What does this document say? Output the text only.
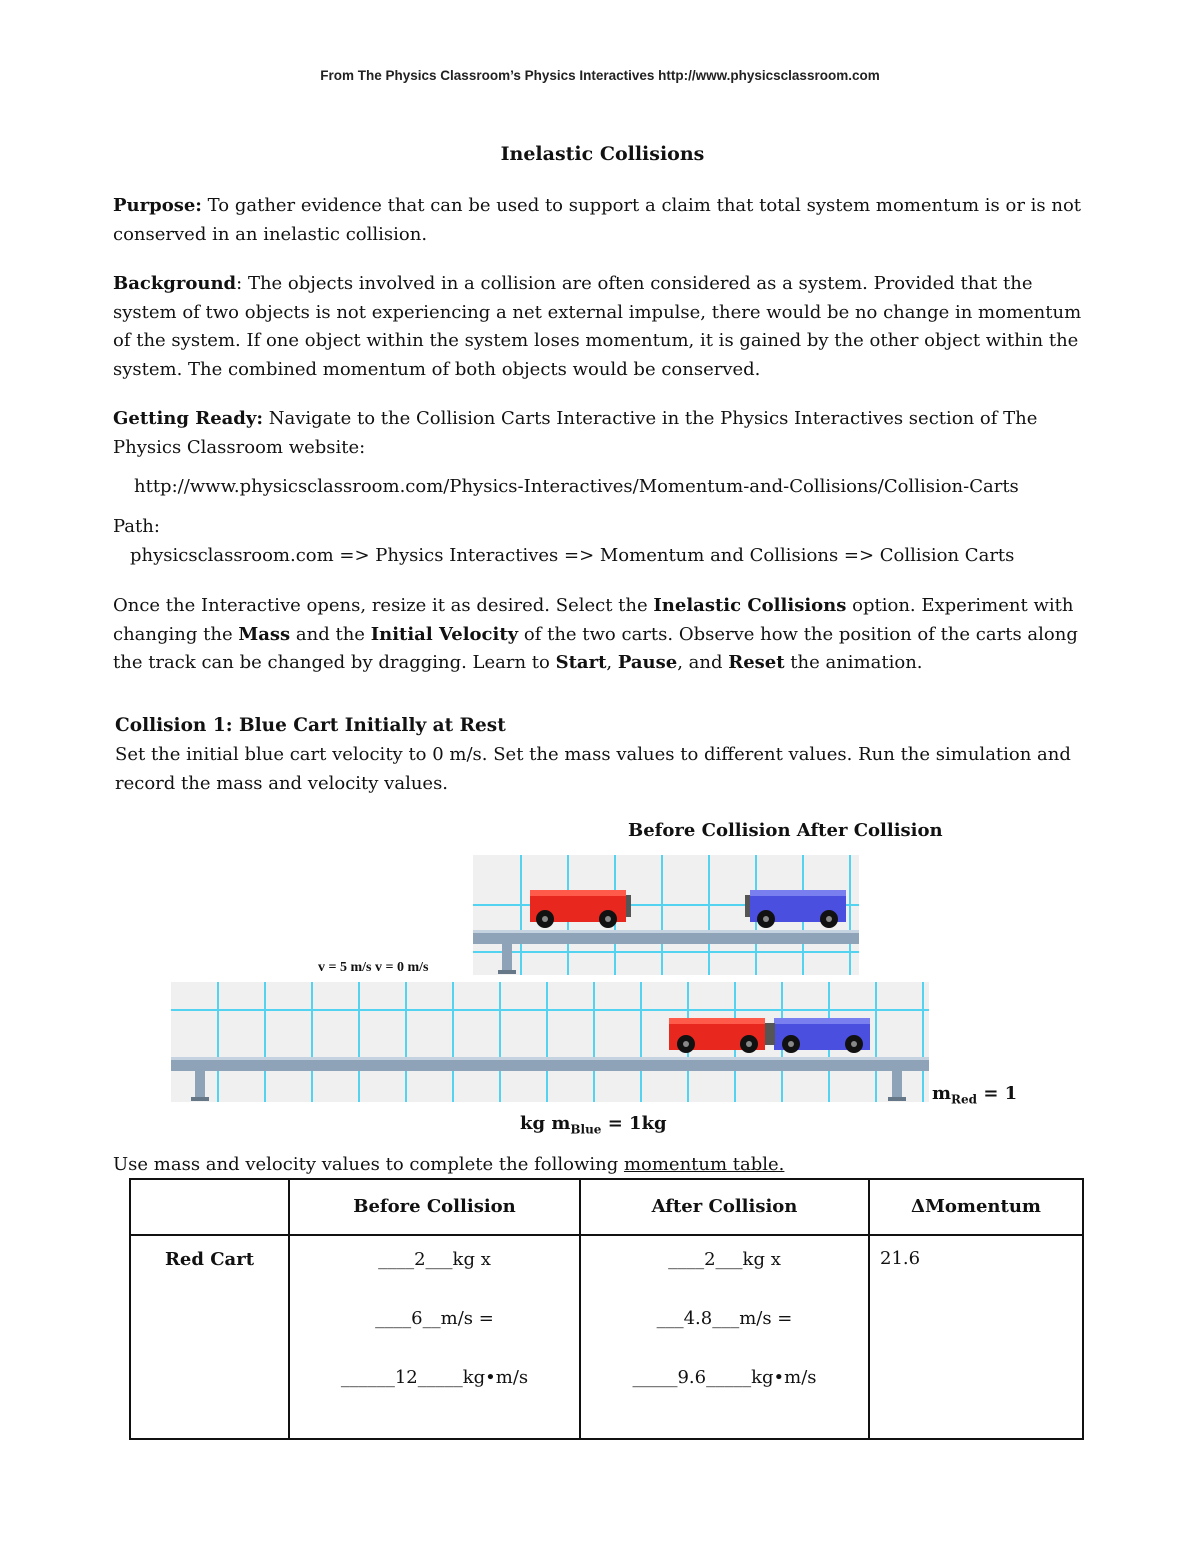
From The Physics Classroom’s Physics Interactives http://www.physicsclassroom.com
Inelastic Collisions
Purpose: To gather evidence that can be used to support a claim that total system momentum is or is not conserved in an inelastic collision.
Background: The objects involved in a collision are often considered as a system. Provided that the system of two objects is not experiencing a net external impulse, there would be no change in momentum of the system. If one object within the system loses momentum, it is gained by the other object within the system. The combined momentum of both objects would be conserved.
Getting Ready: Navigate to the Collision Carts Interactive in the Physics Interactives section of The Physics Classroom website:
http://www.physicsclassroom.com/Physics-Interactives/Momentum-and-Collisions/Collision-Carts
Path:
physicsclassroom.com => Physics Interactives => Momentum and Collisions => Collision Carts
Once the Interactive opens, resize it as desired. Select the Inelastic Collisions option. Experiment with changing the Mass and the Initial Velocity of the two carts. Observe how the position of the carts along the track can be changed by dragging. Learn to Start, Pause, and Reset the animation.
Collision 1: Blue Cart Initially at Rest
Set the initial blue cart velocity to 0 m/s. Set the mass values to different values. Run the simulation and record the mass and velocity values.
Before Collision After Collision
v = 5 m/s v = 0 m/s
$m_{Red} = 1$
kg $m_{Blue} = 1kg$
Use mass and velocity values to complete the following momentum table.
	Before Collision	After Collision	ΔMomentum
Red Cart	____2___kg x
____6__m/s =
______12_____kg•m/s	____2___kg x
___4.8___m/s =
_____9.6_____kg•m/s	21.6
